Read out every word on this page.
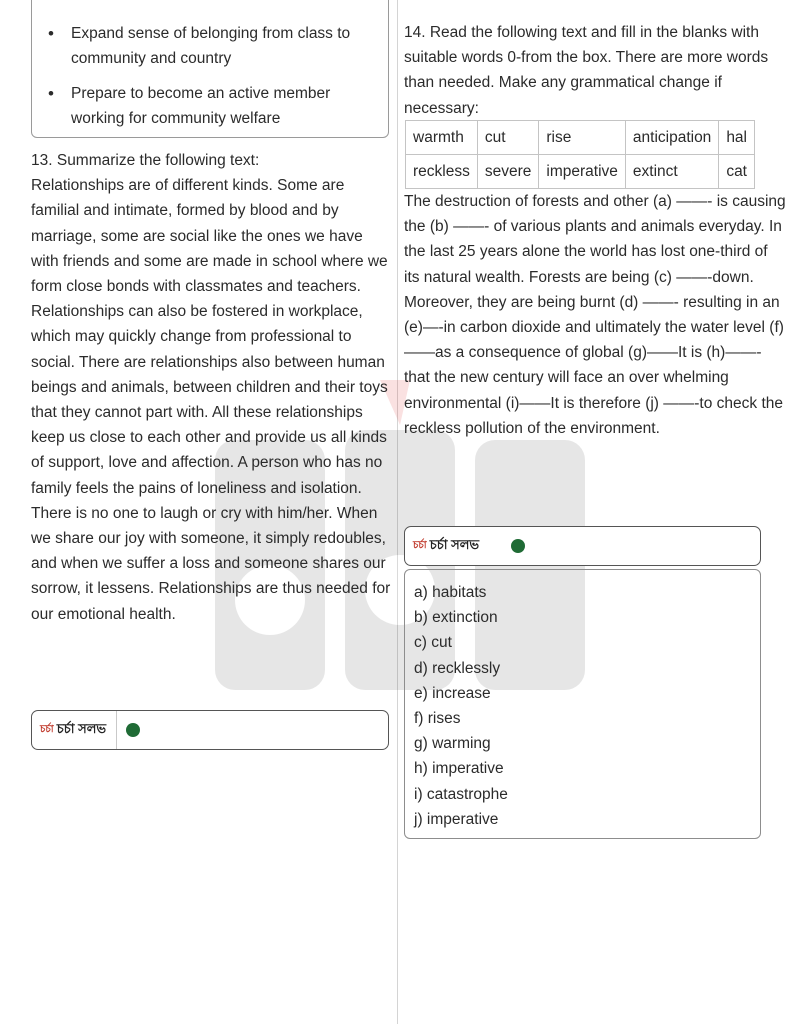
• Expand sense of belonging from class to community and country
• Prepare to become an active member working for community welfare
13. Summarize the following text:
Relationships are of different kinds. Some are familial and intimate, formed by blood and by marriage, some are social like the ones we have with friends and some are made in school where we form close bonds with classmates and teachers. Relationships can also be fostered in workplace, which may quickly change from professional to social. There are relationships also between human beings and animals, between children and their toys that they cannot part with. All these relationships keep us close to each other and provide us all kinds of support, love and affection. A person who has no family feels the pains of loneliness and isolation. There is no one to laugh or cry with him/her. When we share our joy with someone, it simply redoubles, and when we suffer a loss and someone shares our sorrow, it lessens. Relationships are thus needed for our emotional health.
চর্চা চর্চা সলভ
14. Read the following text and fill in the blanks with suitable words 0-from the box. There are more words than needed. Make any grammatical change if necessary:
warmth	cut	rise	anticipation	hal
reckless	severe	imperative	extinct	cat
The destruction of forests and other (a) ——- is causing the (b) ——- of various plants and animals everyday. In the last 25 years alone the world has lost one-third of its natural wealth. Forests are being (c) ——-down. Moreover, they are being burnt (d) ——- resulting in an (e)—-in carbon dioxide and ultimately the water level (f) ——as a consequence of global (g)——It is (h)——- that the new century will face an over whelming environmental (i)——It is therefore (j) ——-to check the reckless pollution of the environment.
চর্চা চর্চা সলভ
a) habitats
b) extinction
c) cut
d) recklessly
e) increase
f) rises
g) warming
h) imperative
i) catastrophe
j) imperative
